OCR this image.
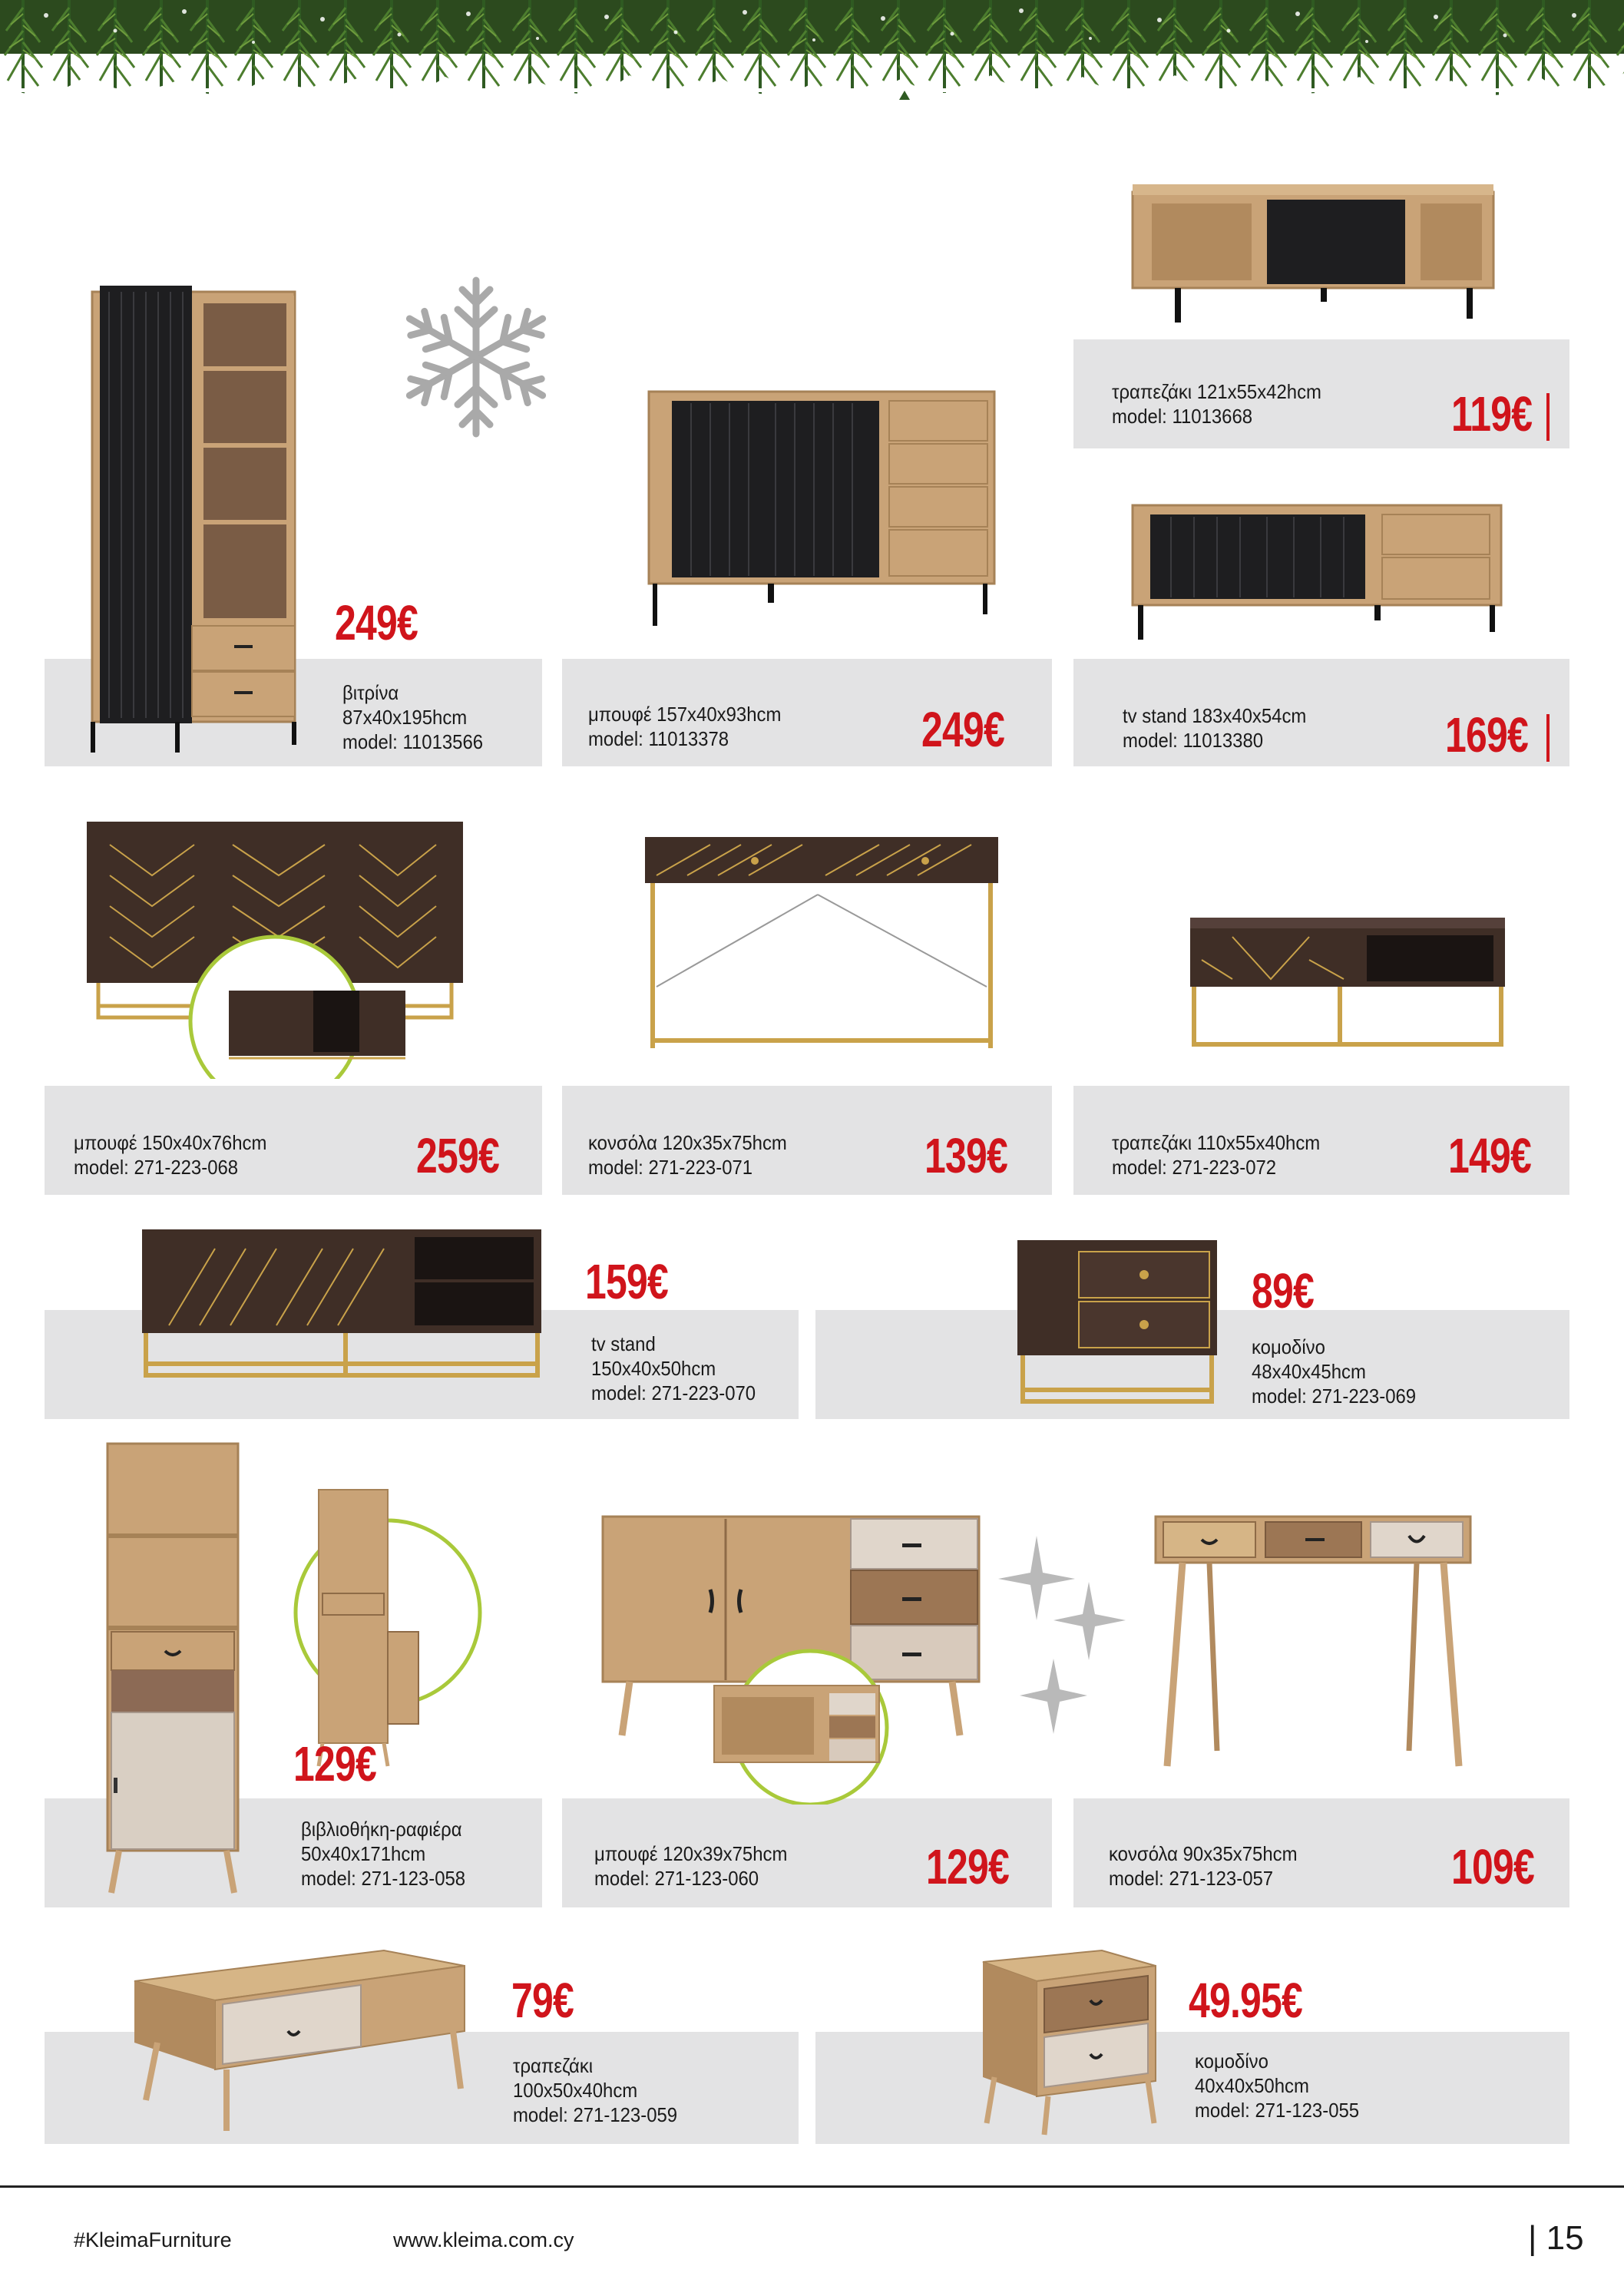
249€
βιτρίνα
87x40x195hcm
model: 11013566
μπουφέ 157x40x93hcm
model: 11013378	249€
τραπεζάκι 121x55x42hcm
model: 11013668	119€
tv stand 183x40x54cm
model: 11013380	169€
μπουφέ 150x40x76hcm
model: 271-223-068	259€	κονσόλα 120x35x75hcm
model: 271-223-071	139€	τραπεζάκι 110x55x40hcm
model: 271-223-072	149€
159€
tv stand
150x40x50hcm
model: 271-223-070
89€
κομοδίνο
48x40x45hcm
model: 271-223-069
129€
βιβλιοθήκη-ραφιέρα
50x40x171hcm
model: 271-123-058
μπουφέ 120x39x75hcm
model: 271-123-060	129€	κονσόλα 90x35x75hcm
model: 271-123-057	109€
79€
τραπεζάκι
100x50x40hcm
model: 271-123-059
49.95€
κομοδίνο
40x40x50hcm
model: 271-123-055
#KleimaFurniture	www.kleima.com.cy	| 15
